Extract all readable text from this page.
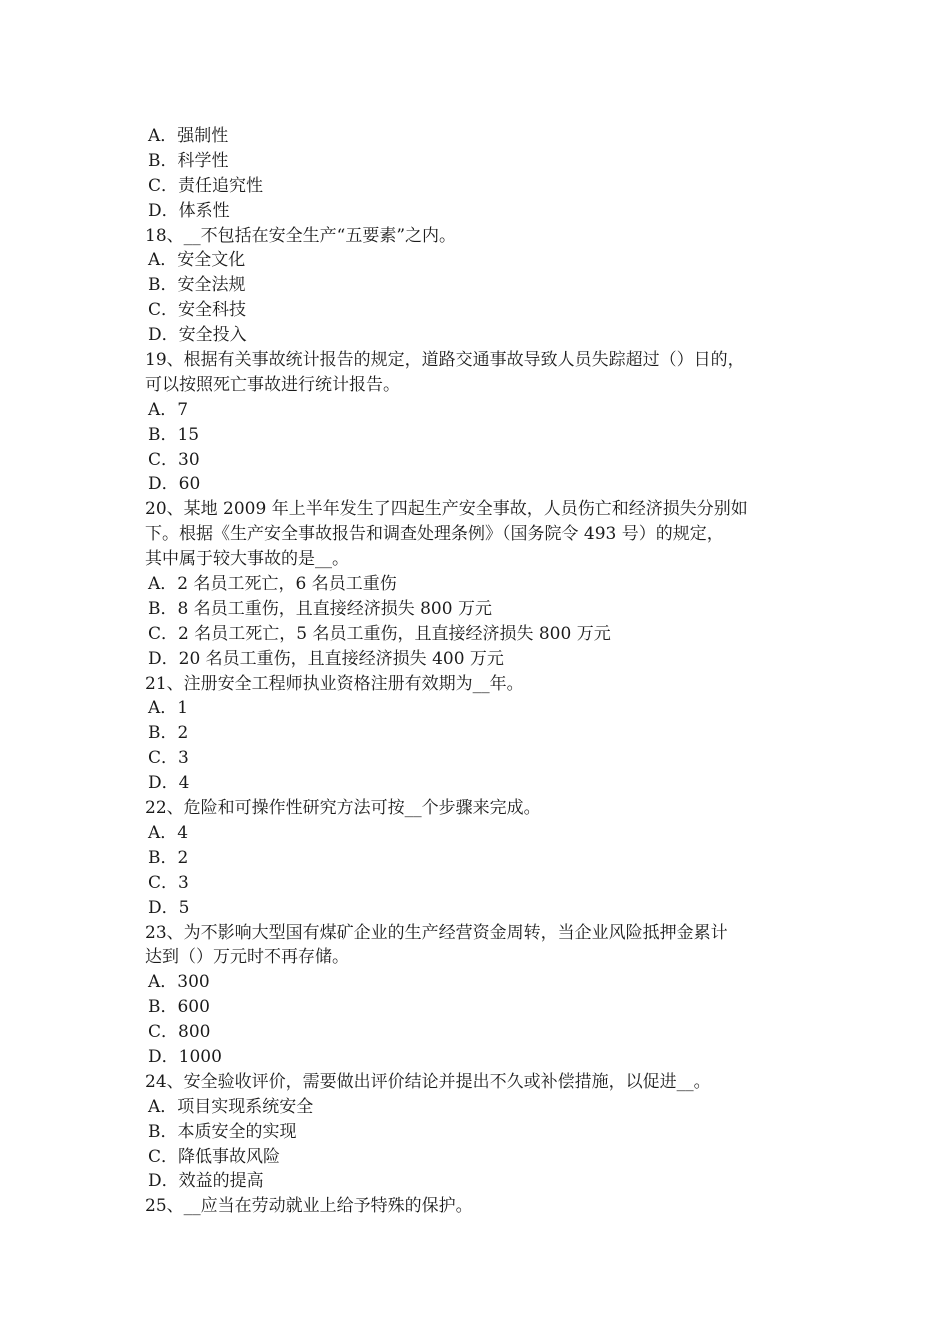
A．强制性

B．科学性

C．责任追究性

D．体系性

18、__不包括在安全生产“五要素”之内。

A．安全文化

B．安全法规

C．安全科技

D．安全投入

19、根据有关事故统计报告的规定，道路交通事故导致人员失踪超过（）日的，

可以按照死亡事故进行统计报告。

A．7

B．15

C．30

D．60

20、某地 2009 年上半年发生了四起生产安全事故，人员伤亡和经济损失分别如

下。根据《生产安全事故报告和调查处理条例》（国务院令 493 号）的规定，

其中属于较大事故的是__。

A．2 名员工死亡，6 名员工重伤

B．8 名员工重伤，且直接经济损失 800 万元

C．2 名员工死亡，5 名员工重伤，且直接经济损失 800 万元

D．20 名员工重伤，且直接经济损失 400 万元

21、注册安全工程师执业资格注册有效期为__年。

A．1

B．2

C．3

D．4

22、危险和可操作性研究方法可按__个步骤来完成。

A．4

B．2

C．3

D．5

23、为不影响大型国有煤矿企业的生产经营资金周转，当企业风险抵押金累计

达到（）万元时不再存储。

A．300

B．600

C．800

D．1000

24、安全验收评价，需要做出评价结论并提出不久或补偿措施，以促进__。

A．项目实现系统安全

B．本质安全的实现

C．降低事故风险

D．效益的提高

25、__应当在劳动就业上给予特殊的保护。
